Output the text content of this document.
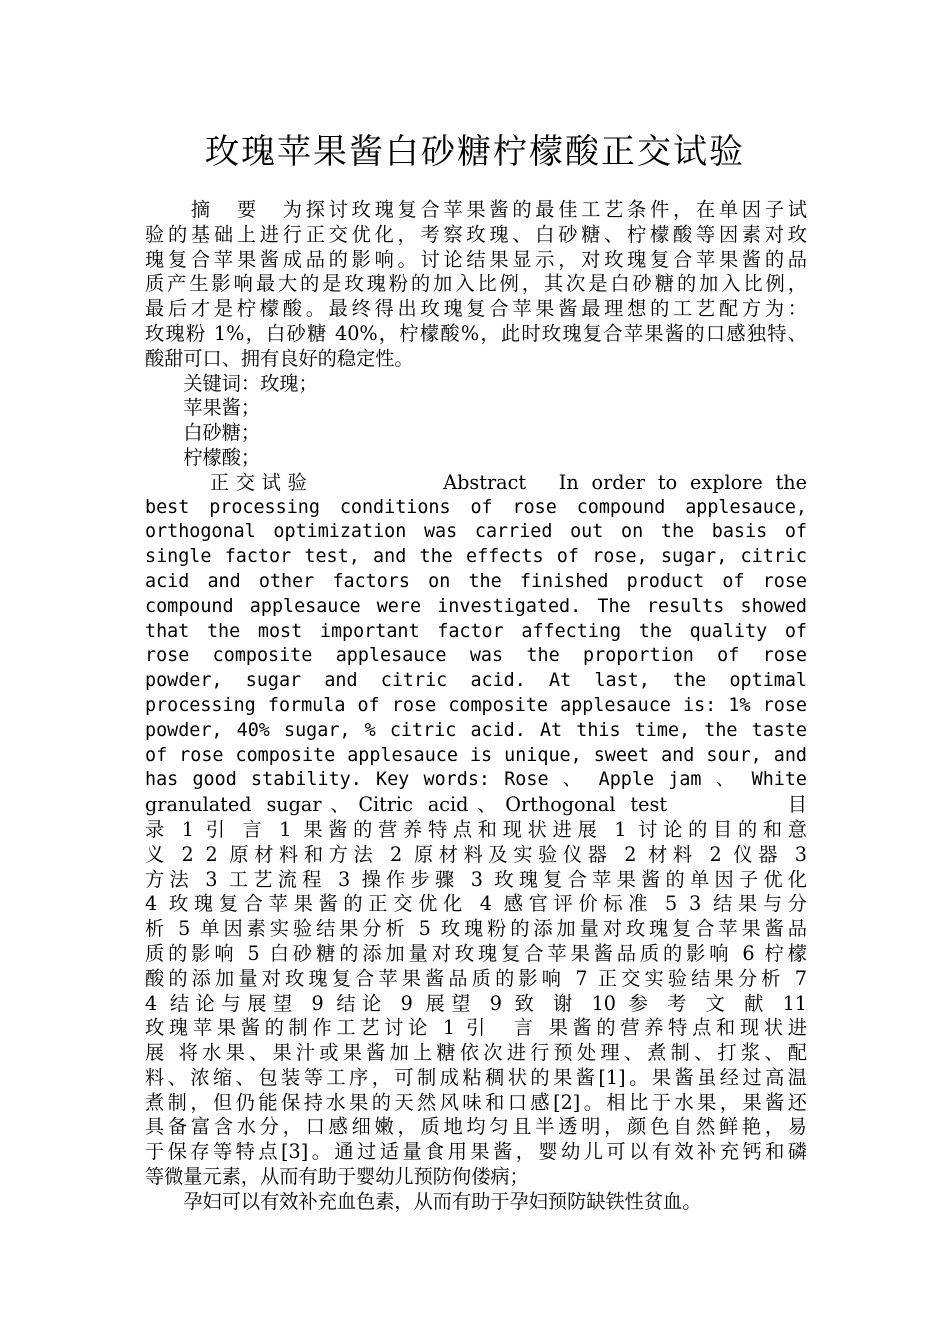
玫瑰苹果酱白砂糖柠檬酸正交试验
　　摘　要　为探讨玫瑰复合苹果酱的最佳工艺条件，在单因子试
验的基础上进行正交优化，考察玫瑰、白砂糖、柠檬酸等因素对玫
瑰复合苹果酱成品的影响。讨论结果显示，对玫瑰复合苹果酱的品
质产生影响最大的是玫瑰粉的加入比例，其次是白砂糖的加入比例，
最后才是柠檬酸。最终得出玫瑰复合苹果酱最理想的工艺配方为：
玫瑰粉 1%，白砂糖 40%，柠檬酸%，此时玫瑰复合苹果酱的口感独特、
酸甜可口、拥有良好的稳定性。
　　关键词：玫瑰；
　　苹果酱；
　　白砂糖；
　　柠檬酸；
　　 正交试验　　　　　Abstract　In order to explore the
best processing conditions of rose compound applesauce,
orthogonal optimization was carried out on the basis of
single factor test, and the effects of rose, sugar, citric
acid and other factors on the finished product of rose
compound applesauce were investigated. The results showed
that the most important factor affecting the quality of
rose composite applesauce was the proportion of rose
powder, sugar and citric acid. At last, the optimal
processing formula of rose composite applesauce is: 1% rose
powder, 40% sugar, % citric acid. At this time, the taste
of rose composite applesauce is unique, sweet and sour, and
has good stability. Key words: Rose 、 Apple jam 、 White
granulated sugar、Citric acid、Orthogonal test　　　　目
录 1 引 言 1 果酱的营养特点和现状进展 1 讨论的目的和意
义 2 2 原材料和方法 2 原材料及实验仪器 2 材料 2 仪器 3
方法 3 工艺流程 3 操作步骤 3 玫瑰复合苹果酱的单因子优化
4 玫瑰复合苹果酱的正交优化 4 感官评价标准 5 3 结果与分
析 5 单因素实验结果分析 5 玫瑰粉的添加量对玫瑰复合苹果酱品
质的影响 5 白砂糖的添加量对玫瑰复合苹果酱品质的影响 6 柠檬
酸的添加量对玫瑰复合苹果酱品质的影响 7 正交实验结果分析 7
4 结论与展望 9 结论 9 展望 9 致 谢 10 参 考 文 献 11
玫瑰苹果酱的制作工艺讨论 1 引　言 果酱的营养特点和现状进
展 将水果、果汁或果酱加上糖依次进行预处理、煮制、打浆、配
料、浓缩、包装等工序，可制成粘稠状的果酱[1]。果酱虽经过高温
煮制，但仍能保持水果的天然风味和口感[2]。相比于水果，果酱还
具备富含水分，口感细嫩，质地均匀且半透明，颜色自然鲜艳，易
于保存等特点[3]。通过适量食用果酱，婴幼儿可以有效补充钙和磷
等微量元素，从而有助于婴幼儿预防佝偻病；
　　孕妇可以有效补充血色素，从而有助于孕妇预防缺铁性贫血。
